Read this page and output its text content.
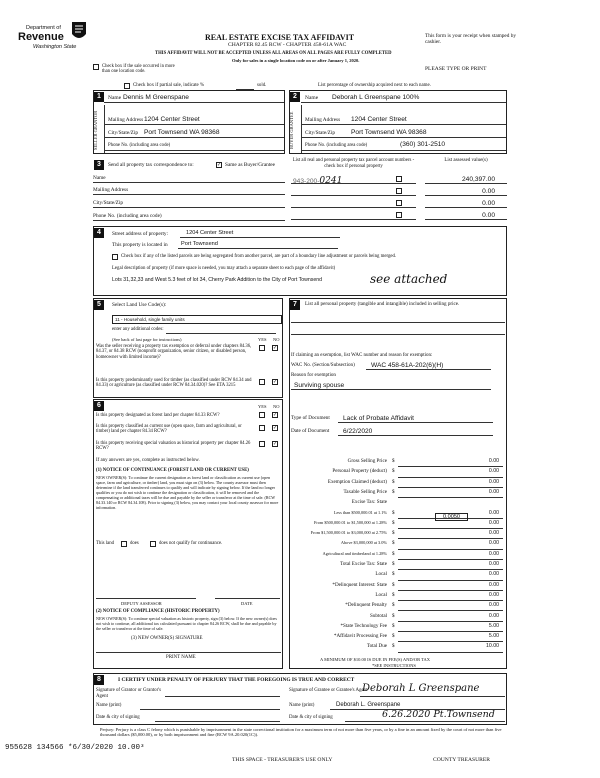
Department of
Revenue
Washington State
REAL ESTATE EXCISE TAX AFFIDAVIT
CHAPTER 82.45 RCW - CHAPTER 458-61A WAC
THIS AFFIDAVIT WILL NOT BE ACCEPTED UNLESS ALL AREAS ON ALL PAGES ARE FULLY COMPLETED
Only for sales in a single location code on or after January 1, 2020.
This form is your receipt when stamped by cashier.
PLEASE TYPE OR PRINT
Check box if the sale occurred in more than one location code.
Check box if partial sale, indicate %	sold.	List percentage of ownership acquired next to each name.
1	Name Dennis M Greenspane
SELLER GRANTOR	Mailing Address 1204 Center Street
City/State/Zip Port Townsend WA 98368
Phone No. (including area code)
2	Name Deborah L Greenspane 100%
BUYER GRANTEE	Mailing Address 1204 Center Street
City/State/Zip Port Townsend WA 98368
Phone No. (including area code)	(360) 301-2510
3	Send all property tax correspondence to:	✓ Same as Buyer/Grantee
Name
Mailing Address
City/State/Zip
Phone No. (including area code)
List all real and personal property tax parcel account numbers - check box if personal property
List assessed value(s)
943-200-0241	240,397.00
0.00
0.00
0.00
4	Street address of property:	1204 Center Street
This property is located in Port Townsend
Check box if any of the listed parcels are being segregated from another parcel, are part of a boundary line adjustment or parcels being merged.
Legal description of property (if more space is needed, you may attach a separate sheet to each page of the affidavit)
Lots 31,32,33 and West 5.3 feet of lot 34, Cherry Park Addition to the City of Port Townsend	see attached
5	Select Land Use Code(s):
11 - Household, single family units
enter any additional codes:
(See back of last page for instructions)	YES NO
Was the seller receiving a property tax exemption or deferral under chapters 84.36, 84.37, or 84.38 RCW (nonprofit organization, senior citizen, or disabled person, homeowner with limited income)?
✓
Is this property predominantly used for timber (as classified under RCW 84.34 and 84.33) or agriculture (as classified under RCW 84.34.020)? See ETA 3215
✓
6	YES NO
Is this property designated as forest land per chapter 84.33 RCW?	✓
Is this property classified as current use (open space, farm and agricultural, or timber) land per chapter 84.34 RCW?
✓
Is this property receiving special valuation as historical property per chapter 84.26 RCW?
✓
If any answers are yes, complete as instructed below.
(1) NOTICE OF CONTINUANCE (FOREST LAND OR CURRENT USE)
NEW OWNER(S): To continue the current designation as forest land or classification as current use (open space, farm and agriculture, or timber) land, you must sign on (3) below. The county assessor must then determine if the land transferred continues to qualify and will indicate by signing below. If the land no longer qualifies or you do not wish to continue the designation or classification, it will be removed and the compensating or additional taxes will be due and payable by the seller or transferor at the time of sale. (RCW 84.33.140 or RCW 84.34.108). Prior to signing (3) below, you may contact your local county assessor for more information.
This land	does	does not qualify for continuance.
DEPUTY ASSESSOR	DATE
(2) NOTICE OF COMPLIANCE (HISTORIC PROPERTY)
NEW OWNER(S): To continue special valuation as historic property, sign (3) below. If the new owner(s) does not wish to continue, all additional tax calculated pursuant to chapter 84.26 RCW, shall be due and payable by the seller or transferor at the time of sale.
(3) NEW OWNER(S) SIGNATURE
PRINT NAME
7	List all personal property (tangible and intangible) included in selling price.
If claiming an exemption, list WAC number and reason for exemption:
WAC No. (Section/Subsection) WAC 458-61A-202(6)(H)
Reason for exemption
Surviving spouse
Type of Document Lack of Probate Affidavit
Date of Document 6/22/2020
Gross Selling Price $	0.00
Personal Property (deduct) $	0.00
Exemption Claimed (deduct) $	0.00
Taxable Selling Price $	0.00
Excise Tax: State
Less than $500,000.01 at 1.1% $	0.00
From $500,000.01 to $1,500,000 at 1.28% $	0.00
From $1,500,000.01 to $3,000,000 at 2.75% $	0.00
Above $3,000,000 at 3.0% $	0.00
Agricultural and timberland at 1.28% $	0.00
Total Excise Tax: State $	0.00
Local $	0.00
*Delinquent Interest: State $	0.00
Local $	0.00
*Delinquent Penalty $	0.00
Subtotal $	0.00
*State Technology Fee $	5.00
*Affidavit Processing Fee $	5.00
Total Due $	10.00
0.0050
A MINIMUM OF $10.00 IS DUE IN FEE(S) AND/OR TAX
*SEE INSTRUCTIONS
8	I CERTIFY UNDER PENALTY OF PERJURY THAT THE FOREGOING IS TRUE AND CORRECT
Signature of Grantor or Grantor's Agent
Name (print)
Date & city of signing
Signature of Grantee or Grantee's Agent
Deborah L Greenspane
Name (print)	Deborah L. Greenspane
Date & city of signing	6.26.2020 Pt.Townsend
Perjury: Perjury is a class C felony which is punishable by imprisonment in the state correctional institution for a maximum term of not more than five years, or by a fine in an amount fixed by the court of not more than five thousand dollars ($5,000.00), or by both imprisonment and fine (RCW 9A.20.020(1C)).
955628 134566 *6/30/2020 10.00³
THIS SPACE - TREASURER'S USE ONLY	COUNTY TREASURER
